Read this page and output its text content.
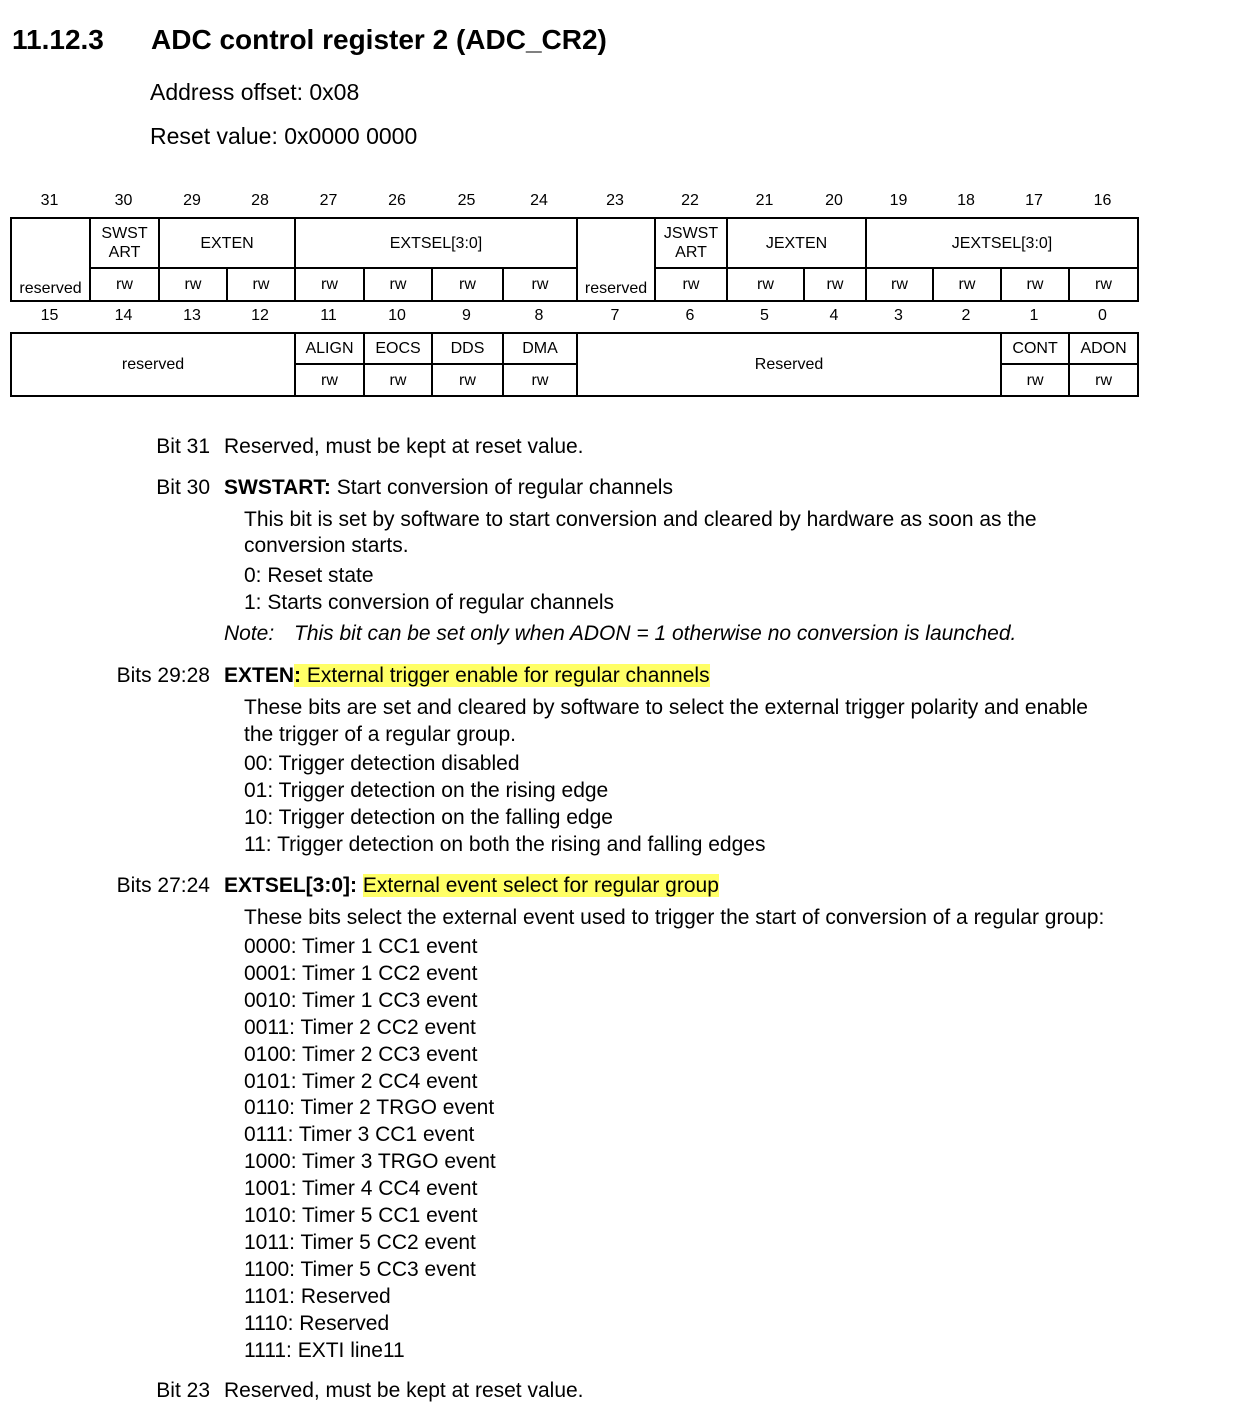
11.12.3 ADC control register 2 (ADC_CR2)
Address offset: 0x08
Reset value: 0x0000 0000
31	30	29	28	27	26	25	24	23	22	21	20	19	18	17	16
reserved	SWST ART	EXTEN		EXTSEL[3:0]				reserved	JSWST ART	JEXTEN		JEXTSEL[3:0]			
	rw	rw	rw	rw	rw	rw	rw		rw	rw	rw	rw	rw	rw	rw
15	14	13	12	11	10	9	8	7	6	5	4	3	2	1	0
reserved	ALIGN	EOCS	DDS	DMA	Reserved	CONT	ADON
	rw	rw	rw	rw		rw	rw
Bit 31 Reserved, must be kept at reset value.
Bit 30 SWSTART: Start conversion of regular channels
This bit is set by software to start conversion and cleared by hardware as soon as the
conversion starts.
0: Reset state
1: Starts conversion of regular channels
Note: This bit can be set only when ADON = 1 otherwise no conversion is launched.
Bits 29:28 EXTEN: External trigger enable for regular channels
These bits are set and cleared by software to select the external trigger polarity and enable
the trigger of a regular group.
00: Trigger detection disabled
01: Trigger detection on the rising edge
10: Trigger detection on the falling edge
11: Trigger detection on both the rising and falling edges
Bits 27:24 EXTSEL[3:0]: External event select for regular group
These bits select the external event used to trigger the start of conversion of a regular group:
0000: Timer 1 CC1 event
0001: Timer 1 CC2 event
0010: Timer 1 CC3 event
0011: Timer 2 CC2 event
0100: Timer 2 CC3 event
0101: Timer 2 CC4 event
0110: Timer 2 TRGO event
0111: Timer 3 CC1 event
1000: Timer 3 TRGO event
1001: Timer 4 CC4 event
1010: Timer 5 CC1 event
1011: Timer 5 CC2 event
1100: Timer 5 CC3 event
1101: Reserved
1110: Reserved
1111: EXTI line11
Bit 23 Reserved, must be kept at reset value.
